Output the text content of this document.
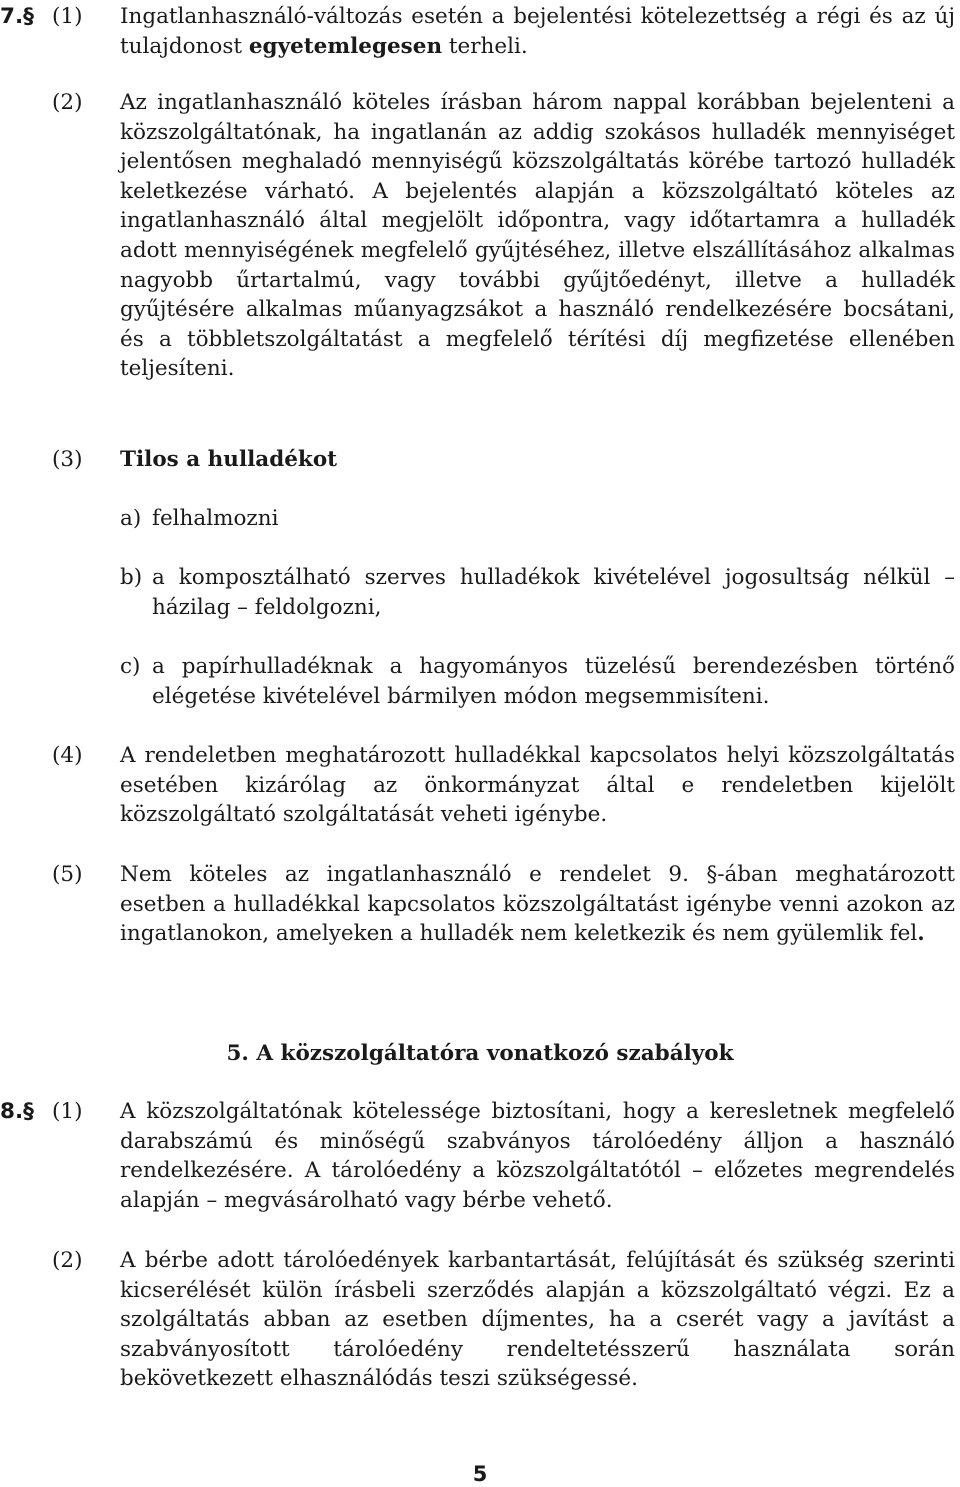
7.§ (1) Ingatlanhasználó-változás esetén a bejelentési kötelezettség a régi és az új tulajdonost egyetemlegesen terheli.
(2) Az ingatlanhasználó köteles írásban három nappal korábban bejelenteni a közszolgáltatónak, ha ingatlanán az addig szokásos hulladék mennyiséget jelentősen meghaladó mennyiségű közszolgáltatás körébe tartozó hulladék keletkezése várható. A bejelentés alapján a közszolgáltató köteles az ingatlanhasználó által megjelölt időpontra, vagy időtartamra a hulladék adott mennyiségének megfelelő gyűjtéséhez, illetve elszállításához alkalmas nagyobb űrtartalmú, vagy további gyűjtőedényt, illetve a hulladék gyűjtésére alkalmas műanyagzsákot a használó rendelkezésére bocsátani, és a többletszolgáltatást a megfelelő térítési díj megfizetése ellenében teljesíteni.
(3) Tilos a hulladékot
a) felhalmozni
b) a komposztálható szerves hulladékok kivételével jogosultság nélkül – házilag – feldolgozni,
c) a papírhulladéknak a hagyományos tüzelésű berendezésben történő elégetése kivételével bármilyen módon megsemmisíteni.
(4) A rendeletben meghatározott hulladékkal kapcsolatos helyi közszolgáltatás esetében kizárólag az önkormányzat által e rendeletben kijelölt közszolgáltató szolgáltatását veheti igénybe.
(5) Nem köteles az ingatlanhasználó e rendelet 9. §-ában meghatározott esetben a hulladékkal kapcsolatos közszolgáltatást igénybe venni azokon az ingatlanokon, amelyeken a hulladék nem keletkezik és nem gyülemlik fel.
5. A közszolgáltatóra vonatkozó szabályok
8.§ (1) A közszolgáltatónak kötelessége biztosítani, hogy a keresletnek megfelelő darabszámú és minőségű szabványos tárolóedény álljon a használó rendelkezésére. A tárolóedény a közszolgáltatótól – előzetes megrendelés alapján – megvásárolható vagy bérbe vehető.
(2) A bérbe adott tárolóedények karbantartását, felújítását és szükség szerinti kicserélését külön írásbeli szerződés alapján a közszolgáltató végzi. Ez a szolgáltatás abban az esetben díjmentes, ha a cserét vagy a javítást a szabványosított tárolóedény rendeltetésszerű használata során bekövetkezett elhasználódás teszi szükségessé.
5
